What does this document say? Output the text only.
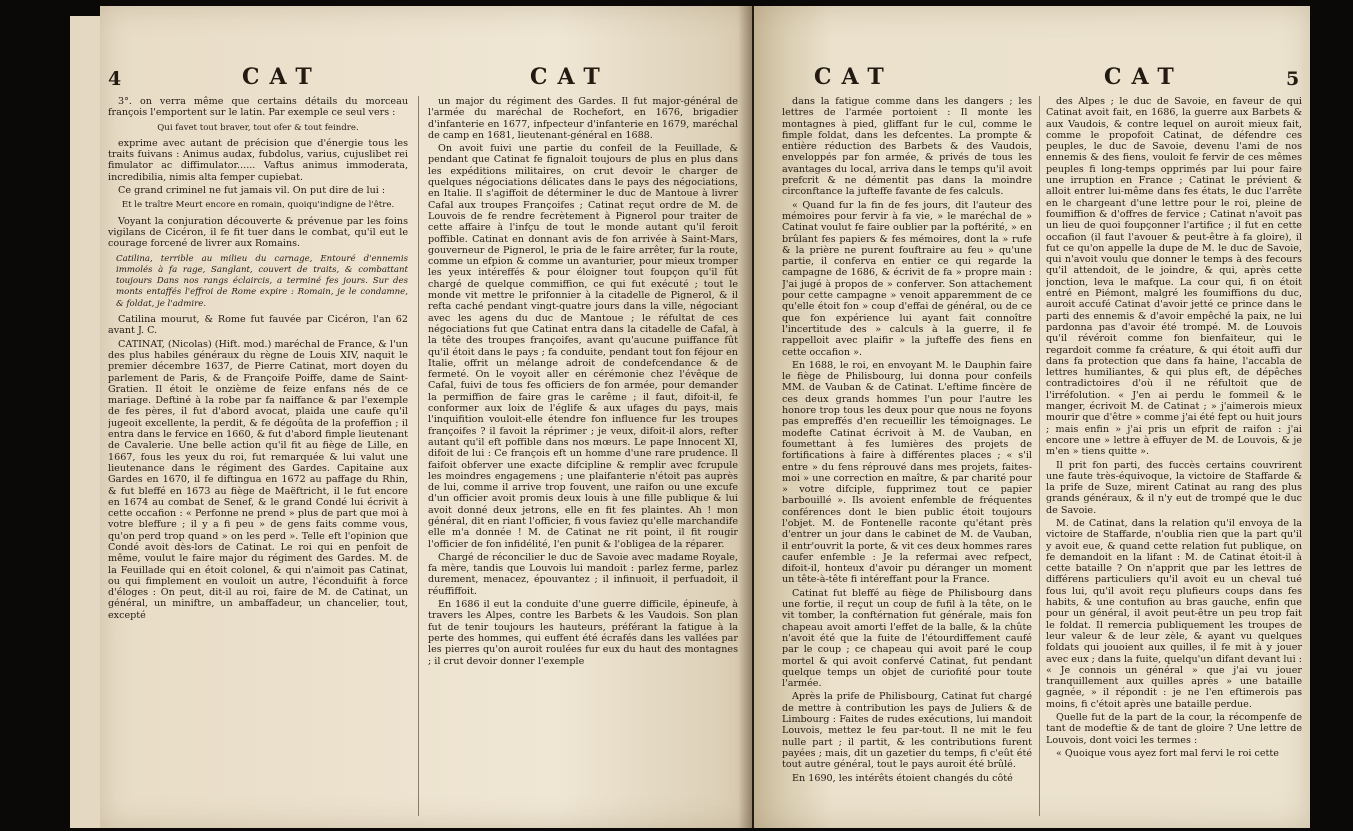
4	CAT	CAT

3°. on verra même que certains détails du morceau françois l'emportent sur le latin. Par exemple ce seul vers :

Qui favet tout braver, tout ofer & tout feindre.

exprime avec autant de précision que d'énergie tous les traits fuivans : Animus audax, fubdolus, varius, cujuslibet rei fimulator ac diffimulator...... Vaftus animus immoderata, incredibilia, nimis alta femper cupiebat.

Ce grand criminel ne fut jamais vil. On put dire de lui :

Et le traître Meurt encore en romain, quoiqu'indigne de l'être.

Voyant la conjuration découverte & prévenue par les foins vigilans de Cicéron, il fe fit tuer dans le combat, qu'il eut le courage forcené de livrer aux Romains.

Catilina, terrible au milieu du carnage, Entouré d'ennemis immolés à fa rage, Sanglant, couvert de traits, & combattant toujours Dans nos rangs éclaircis, a terminé fes jours. Sur des monts entaffés l'effroi de Rome expire : Romain, je le condamne, & foldat, je l'admire.

Catilina mourut, & Rome fut fauvée par Cicéron, l'an 62 avant J. C.

CATINAT, (Nicolas) (Hift. mod.) maréchal de France, & l'un des plus habiles généraux du règne de Louis XIV, naquit le premier décembre 1637, de Pierre Catinat, mort doyen du parlement de Paris, & de Françoife Poiffe, dame de Saint-Gratien. Il étoit le onzième de feize enfans nés de ce mariage. Deftiné à la robe par fa naiffance & par l'exemple de fes pères, il fut d'abord avocat, plaida une caufe qu'il jugeoit excellente, la perdit, & fe dégoûta de la profeffion ; il entra dans le fervice en 1660, & fut d'abord fimple lieutenant de Cavalerie. Une belle action qu'il fit au fiège de Lille, en 1667, fous les yeux du roi, fut remarquée & lui valut une lieutenance dans le régiment des Gardes. Capitaine aux Gardes en 1670, il fe diftingua en 1672 au paffage du Rhin, & fut bleffé en 1673 au fiège de Maëftricht, il le fut encore en 1674 au combat de Senef, & le grand Condé lui écrivit à cette occafion : « Perfonne ne prend » plus de part que moi à votre bleffure ; il y a fi peu » de gens faits comme vous, qu'on perd trop quand » on les perd ». Telle eft l'opinion que Condé avoit dès-lors de Catinat. Le roi qui en penfoit de même, voulut le faire major du régiment des Gardes. M. de la Feuillade qui en étoit colonel, & qui n'aimoit pas Catinat, ou qui fimplement en vouloit un autre, l'éconduifit à force d'éloges : On peut, dit-il au roi, faire de M. de Catinat, un général, un miniftre, un ambaffadeur, un chancelier, tout, excepté

un major du régiment des Gardes. Il fut major-général de l'armée du maréchal de Rochefort, en 1676, brigadier d'infanterie en 1677, infpecteur d'infanterie en 1679, maréchal de camp en 1681, lieutenant-général en 1688.

On avoit fuivi une partie du confeil de la Feuillade, & pendant que Catinat fe fignaloit toujours de plus en plus dans les expéditions militaires, on crut devoir le charger de quelques négociations délicates dans le pays des négociations, en Italie. Il s'agiffoit de déterminer le duc de Mantoue à livrer Cafal aux troupes Françoifes ; Catinat reçut ordre de M. de Louvois de fe rendre fecrètement à Pignerol pour traiter de cette affaire à l'infçu de tout le monde autant qu'il feroit poffible. Catinat en donnant avis de fon arrivée à Saint-Mars, gouverneur de Pignerol, le pria de le faire arrêter, fur la route, comme un efpion & comme un avanturier, pour mieux tromper les yeux intéreffés & pour éloigner tout foupçon qu'il fût chargé de quelque commiffion, ce qui fut exécuté ; tout le monde vit mettre le prifonnier à la citadelle de Pignerol, & il refta caché pendant vingt-quatre jours dans la ville, négociant avec les agens du duc de Mantoue ; le réfultat de ces négociations fut que Catinat entra dans la citadelle de Cafal, à la tête des troupes françoifes, avant qu'aucune puiffance fût qu'il étoit dans le pays ; fa conduite, pendant tout fon féjour en Italie, offrit un mélange adroit de condefcendance & de fermeté. On le voyoit aller en cérémonie chez l'évêque de Cafal, fuivi de tous fes officiers de fon armée, pour demander la permiffion de faire gras le carême ; il faut, difoit-il, fe conformer aux loix de l'églife & aux ufages du pays, mais l'inquifition vouloit-elle étendre fon influence fur les troupes françoifes ? il favoit la réprimer ; je veux, difoit-il alors, refter autant qu'il eft poffible dans nos mœurs. Le pape Innocent XI, difoit de lui : Ce françois eft un homme d'une rare prudence. Il faifoit obferver une exacte difcipline & remplir avec fcrupule les moindres engagemens ; une plaifanterie n'étoit pas auprès de lui, comme il arrive trop fouvent, une raifon ou une excufe d'un officier avoit promis deux louis à une fille publique & lui avoit donné deux jetrons, elle en fit fes plaintes. Ah ! mon général, dit en riant l'officier, fi vous faviez qu'elle marchandife elle m'a donnée ! M. de Catinat ne rit point, il fit rougir l'officier de fon infidélité, l'en punit & l'obligea de la réparer.

Chargé de réconcilier le duc de Savoie avec madame Royale, fa mère, tandis que Louvois lui mandoit : parlez ferme, parlez durement, menacez, épouvantez ; il infinuoit, il perfuadoit, il réuffiffoit.

En 1686 il eut la conduite d'une guerre difficile, épineufe, à travers les Alpes, contre les Barbets & les Vaudois. Son plan fut de tenir toujours les hauteurs, préférant la fatigue à la perte des hommes, qui euffent été écrafés dans les vallées par les pierres qu'on auroit roulées fur eux du haut des montagnes ; il crut devoir donner l'exemple

CAT	CAT	5

dans la fatigue comme dans les dangers ; les lettres de l'armée portoient : Il monte les montagnes à pied, gliffant fur le cul, comme le fimple foldat, dans les defcentes. La prompte & entière réduction des Barbets & des Vaudois, enveloppés par fon armée, & privés de tous les avantages du local, arriva dans le temps qu'il avoit prefcrit & ne démentit pas dans la moindre circonftance la jufteffe favante de fes calculs.

« Quand fur la fin de fes jours, dit l'auteur des mémoires pour fervir à fa vie, » le maréchal de » Catinat voulut fe faire oublier par la poftérité, » en brûlant fes papiers & fes mémoires, dont la » rufe & la prière ne purent fouftraire au feu » qu'une partie, il conferva en entier ce qui regarde la campagne de 1686, & écrivit de fa » propre main : J'ai jugé à propos de » conferver. Son attachement pour cette campagne » venoit apparemment de ce qu'elle étoit fon » coup d'effai de général, ou de ce que fon expérience lui ayant fait connoître l'incertitude des » calculs à la guerre, il fe rappelloit avec plaifir » la jufteffe des fiens en cette occafion ».

En 1688, le roi, en envoyant M. le Dauphin faire le fiège de Philisbourg, lui donna pour confeils MM. de Vauban & de Catinat. L'eftime fincère de ces deux grands hommes l'un pour l'autre les honore trop tous les deux pour que nous ne foyons pas empreffés d'en recueillir les témoignages. Le modefte Catinat écrivoit à M. de Vauban, en foumettant à fes lumières des projets de fortifications à faire à différentes places ; « s'il entre » du fens réprouvé dans mes projets, faites-moi » une correction en maître, & par charité pour » votre difciple, fupprimez tout ce papier barbouillé ». Ils avoient enfemble de fréquentes conférences dont le bien public étoit toujours l'objet. M. de Fontenelle raconte qu'étant près d'entrer un jour dans le cabinet de M. de Vauban, il entr'ouvrit la porte, & vit ces deux hommes rares caufer enfemble : Je la refermai avec refpect, difoit-il, honteux d'avoir pu déranger un moment un tête-à-tête fi intéreffant pour la France.

Catinat fut bleffé au fiège de Philisbourg dans une fortie, il reçut un coup de fufil à la tête, on le vit tomber, la conftérnation fut générale, mais fon chapeau avoit amorti l'effet de la balle, & la chûte n'avoit été que la fuite de l'étourdiffement caufé par le coup ; ce chapeau qui avoit paré le coup mortel & qui avoit confervé Catinat, fut pendant quelque temps un objet de curiofité pour toute l'armée.

Après la prife de Philisbourg, Catinat fut chargé de mettre à contribution les pays de Juliers & de Limbourg : Faites de rudes exécutions, lui mandoit Louvois, mettez le feu par-tout. Il ne mit le feu nulle part ; il partit, & les contributions furent payées ; mais, dit un gazetier du temps, fi c'eût été tout autre général, tout le pays auroit été brûlé.

En 1690, les intérêts étoient changés du côté

des Alpes ; le duc de Savoie, en faveur de qui Catinat avoit fait, en 1686, la guerre aux Barbets & aux Vaudois, & contre lequel on auroit mieux fait, comme le propofoit Catinat, de défendre ces peuples, le duc de Savoie, devenu l'ami de nos ennemis & des fiens, vouloit fe fervir de ces mêmes peuples fi long-temps opprimés par lui pour faire une irruption en France ; Catinat le prévient & alloit entrer lui-même dans fes états, le duc l'arrête en le chargeant d'une lettre pour le roi, pleine de foumiffion & d'offres de fervice ; Catinat n'avoit pas un lieu de quoi foupçonner l'artifice ; il fut en cette occafion (il faut l'avouer & peut-être à fa gloire), il fut ce qu'on appelle la dupe de M. le duc de Savoie, qui n'avoit voulu que donner le temps à des fecours qu'il attendoit, de le joindre, & qui, après cette jonction, leva le mafque. La cour qui, fi on étoit entré en Piémont, malgré les foumiffions du duc, auroit accufé Catinat d'avoir jetté ce prince dans le parti des ennemis & d'avoir empêché la paix, ne lui pardonna pas d'avoir été trompé. M. de Louvois qu'il révéroit comme fon bienfaiteur, qui le regardoit comme fa créature, & qui étoit auffi dur dans fa protection que dans fa haine, l'accabla de lettres humiliantes, & qui plus eft, de dépêches contradictoires d'où il ne réfultoit que de l'irréfolution. « J'en ai perdu le fommeil & le manger, écrivoit M. de Catinat ; » j'aimerois mieux mourir que d'être » comme j'ai été fept ou huit jours ; mais enfin » j'ai pris un efprit de raifon : j'ai encore une » lettre à effuyer de M. de Louvois, & je m'en » tiens quitte ».

Il prit fon parti, des fuccès certains couvrirent une faute très-équivoque, la victoire de Staffarde & la prife de Suze, mirent Catinat au rang des plus grands généraux, & il n'y eut de trompé que le duc de Savoie.

M. de Catinat, dans la relation qu'il envoya de la victoire de Staffarde, n'oublia rien que la part qu'il y avoit eue, & quand cette relation fut publique, on fe demandoit en la lifant : M. de Catinat étoit-il à cette bataille ? On n'apprit que par les lettres de différens particuliers qu'il avoit eu un cheval tué fous lui, qu'il avoit reçu plufieurs coups dans fes habits, & une contufion au bras gauche, enfin que pour un général, il avoit peut-être un peu trop fait le foldat. Il remercia publiquement les troupes de leur valeur & de leur zèle, & ayant vu quelques foldats qui jouoient aux quilles, il fe mit à y jouer avec eux ; dans la fuite, quelqu'un difant devant lui : « Je connois un général » que j'ai vu jouer tranquillement aux quilles après » une bataille gagnée, » il répondit : je ne l'en eftimerois pas moins, fi c'étoit après une bataille perdue.

Quelle fut de la part de la cour, la récompenfe de tant de modeftie & de tant de gloire ? Une lettre de Louvois, dont voici les termes :

« Quoique vous ayez fort mal fervi le roi cette
